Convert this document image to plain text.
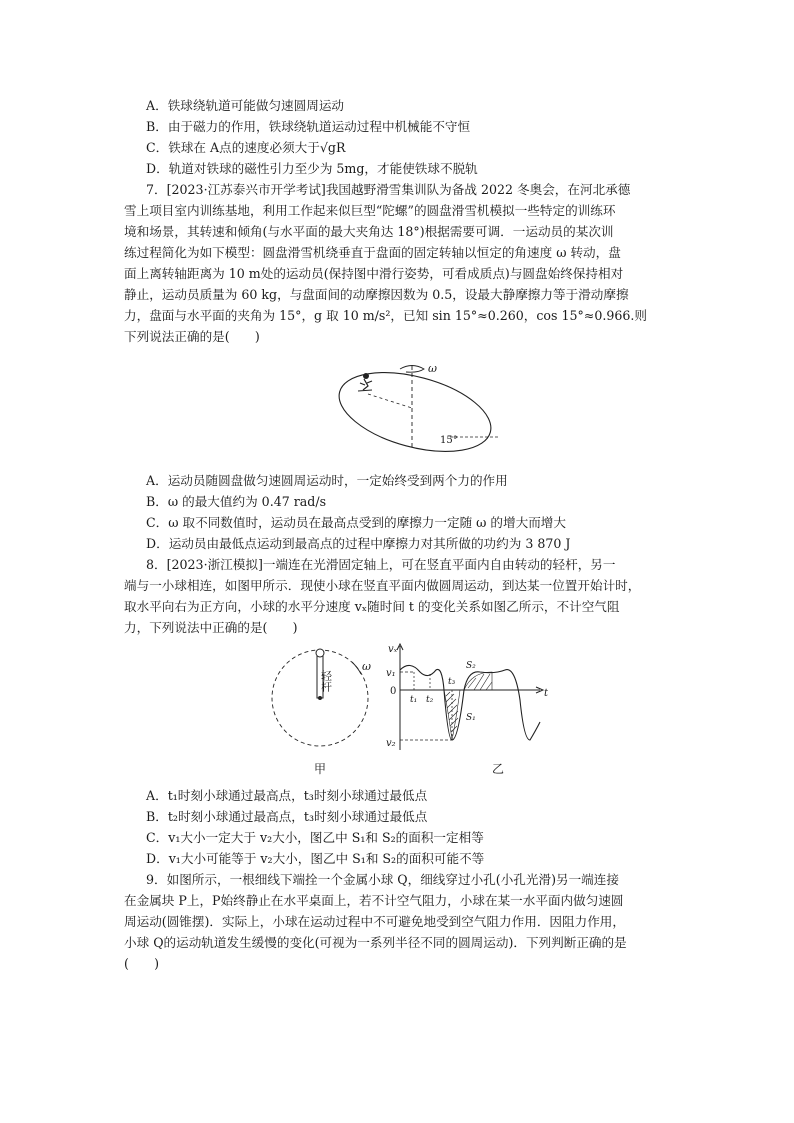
A．铁球绕轨道可能做匀速圆周运动
B．由于磁力的作用，铁球绕轨道运动过程中机械能不守恒
C．铁球在 A点的速度必须大于√gR
D．轨道对铁球的磁性引力至少为 5mg，才能使铁球不脱轨
7．[2023·江苏泰兴市开学考试]我国越野滑雪集训队为备战 2022 冬奥会，在河北承德
雪上项目室内训练基地，利用工作起来似巨型“陀螺”的圆盘滑雪机模拟一些特定的训练环
境和场景，其转速和倾角(与水平面的最大夹角达 18°)根据需要可调．一运动员的某次训
练过程简化为如下模型：圆盘滑雪机绕垂直于盘面的固定转轴以恒定的角速度 ω 转动，盘
面上离转轴距离为 10 m处的运动员(保持图中滑行姿势，可看成质点)与圆盘始终保持相对
静止，运动员质量为 60 kg，与盘面间的动摩擦因数为 0.5，设最大静摩擦力等于滑动摩擦
力，盘面与水平面的夹角为 15°，g 取 10 m/s²，已知 sin 15°≈0.260，cos 15°≈0.966.则
下列说法正确的是(　　)
ω
15°
A．运动员随圆盘做匀速圆周运动时，一定始终受到两个力的作用
B．ω 的最大值约为 0.47 rad/s
C．ω 取不同数值时，运动员在最高点受到的摩擦力一定随 ω 的增大而增大
D．运动员由最低点运动到最高点的过程中摩擦力对其所做的功约为 3 870 J
8．[2023·浙江模拟]一端连在光滑固定轴上，可在竖直平面内自由转动的轻杆，另一
端与一小球相连，如图甲所示．现使小球在竖直平面内做圆周运动，到达某一位置开始计时，
取水平向右为正方向，小球的水平分速度 vₓ随时间 t 的变化关系如图乙所示，不计空气阻
力，下列说法中正确的是(　　)
轻杆
ω
甲
vₓ
t
v₁
0
v₂
t₁ t₂
t₃
S₂
S₁
乙
A．t₁时刻小球通过最高点，t₃时刻小球通过最低点
B．t₂时刻小球通过最高点，t₃时刻小球通过最低点
C．v₁大小一定大于 v₂大小，图乙中 S₁和 S₂的面积一定相等
D．v₁大小可能等于 v₂大小，图乙中 S₁和 S₂的面积可能不等
9．如图所示，一根细线下端拴一个金属小球 Q，细线穿过小孔(小孔光滑)另一端连接
在金属块 P上，P始终静止在水平桌面上，若不计空气阻力，小球在某一水平面内做匀速圆
周运动(圆锥摆)．实际上，小球在运动过程中不可避免地受到空气阻力作用．因阻力作用，
小球 Q的运动轨道发生缓慢的变化(可视为一系列半径不同的圆周运动)．下列判断正确的是
(　　)
